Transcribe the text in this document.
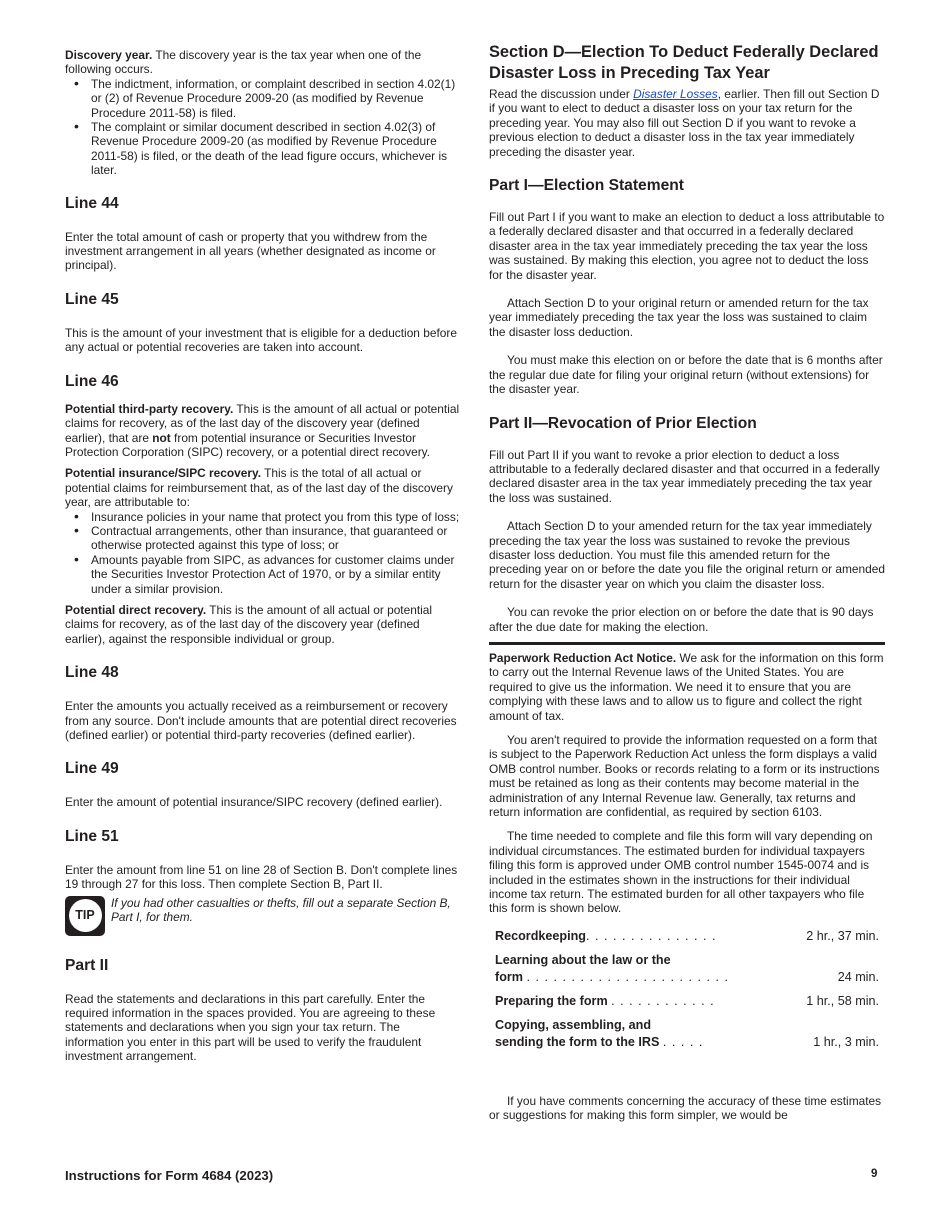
Discovery year. The discovery year is the tax year when one of the following occurs.

• The indictment, information, or complaint described in section 4.02(1) or (2) of Revenue Procedure 2009-20 (as modified by Revenue Procedure 2011-58) is filed.
• The complaint or similar document described in section 4.02(3) of Revenue Procedure 2009-20 (as modified by Revenue Procedure 2011-58) is filed, or the death of the lead figure occurs, whichever is later.
Line 44

Enter the total amount of cash or property that you withdrew from the investment arrangement in all years (whether designated as income or principal).

Line 45

This is the amount of your investment that is eligible for a deduction before any actual or potential recoveries are taken into account.

Line 46

Potential third-party recovery. This is the amount of all actual or potential claims for recovery, as of the last day of the discovery year (defined earlier), that are not from potential insurance or Securities Investor Protection Corporation (SIPC) recovery, or a potential direct recovery.

Potential insurance/SIPC recovery. This is the total of all actual or potential claims for reimbursement that, as of the last day of the discovery year, are attributable to:

• Insurance policies in your name that protect you from this type of loss;
• Contractual arrangements, other than insurance, that guaranteed or otherwise protected against this type of loss; or
• Amounts payable from SIPC, as advances for customer claims under the Securities Investor Protection Act of 1970, or by a similar entity under a similar provision.

Potential direct recovery. This is the amount of all actual or potential claims for recovery, as of the last day of the discovery year (defined earlier), against the responsible individual or group.

Line 48

Enter the amounts you actually received as a reimbursement or recovery from any source. Don't include amounts that are potential direct recoveries (defined earlier) or potential third-party recoveries (defined earlier).

Line 49

Enter the amount of potential insurance/SIPC recovery (defined earlier).

Line 51

Enter the amount from line 51 on line 28 of Section B. Don't complete lines 19 through 27 for this loss. Then complete Section B, Part II.

TIP
If you had other casualties or thefts, fill out a separate Section B, Part I, for them.
Part II

Read the statements and declarations in this part carefully. Enter the required information in the spaces provided. You are agreeing to these statements and declarations when you sign your tax return. The information you enter in this part will be used to verify the fraudulent investment arrangement.

Section D—Election To Deduct Federally Declared Disaster Loss in Preceding Tax Year

Read the discussion under Disaster Losses, earlier. Then fill out Section D if you want to elect to deduct a disaster loss on your tax return for the preceding year. You may also fill out Section D if you want to revoke a previous election to deduct a disaster loss in the tax year immediately preceding the disaster year.

Part I—Election Statement

Fill out Part I if you want to make an election to deduct a loss attributable to a federally declared disaster and that occurred in a federally declared disaster area in the tax year immediately preceding the tax year the loss was sustained. By making this election, you agree not to deduct the loss for the disaster year.

Attach Section D to your original return or amended return for the tax year immediately preceding the tax year the loss was sustained to claim the disaster loss deduction.

You must make this election on or before the date that is 6 months after the regular due date for filing your original return (without extensions) for the disaster year.

Part II—Revocation of Prior Election

Fill out Part II if you want to revoke a prior election to deduct a loss attributable to a federally declared disaster and that occurred in a federally declared disaster area in the tax year immediately preceding the tax year the loss was sustained.

Attach Section D to your amended return for the tax year immediately preceding the tax year the loss was sustained to revoke the previous disaster loss deduction. You must file this amended return for the preceding year on or before the date you file the original return or amended return for the disaster year on which you claim the disaster loss.

You can revoke the prior election on or before the date that is 90 days after the due date for making the election.

Paperwork Reduction Act Notice. We ask for the information on this form to carry out the Internal Revenue laws of the United States. You are required to give us the information. We need it to ensure that you are complying with these laws and to allow us to figure and collect the right amount of tax.

You aren't required to provide the information requested on a form that is subject to the Paperwork Reduction Act unless the form displays a valid OMB control number. Books or records relating to a form or its instructions must be retained as long as their contents may become material in the administration of any Internal Revenue law. Generally, tax returns and return information are confidential, as required by section 6103.

The time needed to complete and file this form will vary depending on individual circumstances. The estimated burden for individual taxpayers filing this form is approved under OMB control number 1545-0074 and is included in the estimates shown in the instructions for their individual income tax return. The estimated burden for all other taxpayers who file this form is shown below.

Recordkeeping. . . . . . . . . . . . . . .	2 hr., 37 min.
Learning about the law or the
form . . . . . . . . . . . . . . . . . . . . . . .	24 min.
Preparing the form . . . . . . . . . . . .	1 hr., 58 min.
Copying, assembling, and
sending the form to the IRS . . . . .	1 hr., 3 min.

If you have comments concerning the accuracy of these time estimates or suggestions for making this form simpler, we would be

Instructions for Form 4684 (2023)	9
